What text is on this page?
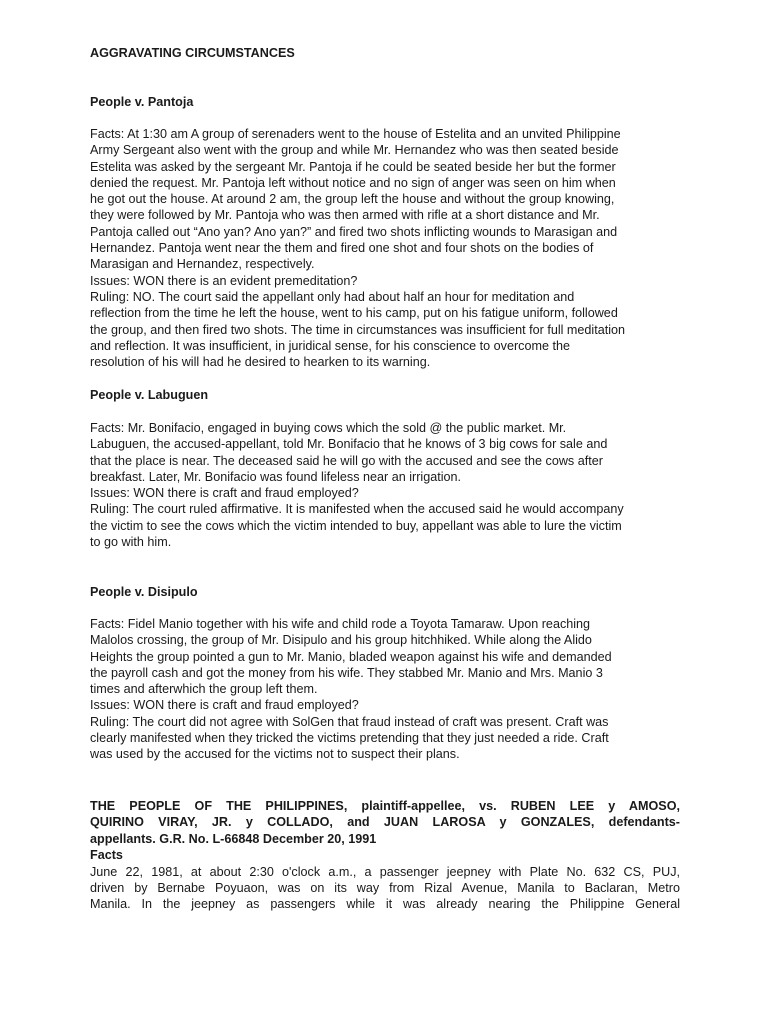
AGGRAVATING CIRCUMSTANCES
People v. Pantoja
Facts: At 1:30 am A group of serenaders went to the house of Estelita and an unvited Philippine
Army Sergeant also went with the group and while Mr. Hernandez who was then seated beside
Estelita was asked by the sergeant Mr. Pantoja if he could be seated beside her but the former
denied the request. Mr. Pantoja left without notice and no sign of anger was seen on him when
he got out the house. At around 2 am, the group left the house and without the group knowing,
they were followed by Mr. Pantoja who was then armed with rifle at a short distance and Mr.
Pantoja called out “Ano yan? Ano yan?” and fired two shots inflicting wounds to Marasigan and
Hernandez. Pantoja went near the them and fired one shot and four shots on the bodies of
Marasigan and Hernandez, respectively.
Issues: WON there is an evident premeditation?
Ruling: NO. The court said the appellant only had about half an hour for meditation and
reflection from the time he left the house, went to his camp, put on his fatigue uniform, followed
the group, and then fired two shots. The time in circumstances was insufficient for full meditation
and reflection. It was insufficient, in juridical sense, for his conscience to overcome the
resolution of his will had he desired to hearken to its warning.
People v. Labuguen
Facts: Mr. Bonifacio, engaged in buying cows which the sold @ the public market. Mr.
Labuguen, the accused-appellant, told Mr. Bonifacio that he knows of 3 big cows for sale and
that the place is near. The deceased said he will go with the accused and see the cows after
breakfast. Later, Mr. Bonifacio was found lifeless near an irrigation.
Issues: WON there is craft and fraud employed?
Ruling: The court ruled affirmative. It is manifested when the accused said he would accompany
the victim to see the cows which the victim intended to buy, appellant was able to lure the victim
to go with him.
People v. Disipulo
Facts: Fidel Manio together with his wife and child rode a Toyota Tamaraw. Upon reaching
Malolos crossing, the group of Mr. Disipulo and his group hitchhiked. While along the Alido
Heights the group pointed a gun to Mr. Manio, bladed weapon against his wife and demanded
the payroll cash and got the money from his wife. They stabbed Mr. Manio and Mrs. Manio 3
times and afterwhich the group left them.
Issues: WON there is craft and fraud employed?
Ruling: The court did not agree with SolGen that fraud instead of craft was present. Craft was
clearly manifested when they tricked the victims pretending that they just needed a ride. Craft
was used by the accused for the victims not to suspect their plans.
THE PEOPLE OF THE PHILIPPINES, plaintiff-appellee, vs. RUBEN LEE y AMOSO,
QUIRINO VIRAY, JR. y COLLADO, and JUAN LAROSA y GONZALES, defendants-
appellants. G.R. No. L-66848 December 20, 1991
Facts
June 22, 1981, at about 2:30 o'clock a.m., a passenger jeepney with Plate No. 632 CS, PUJ,
driven by Bernabe Poyuaon, was on its way from Rizal Avenue, Manila to Baclaran, Metro
Manila. In the jeepney as passengers while it was already nearing the Philippine General
